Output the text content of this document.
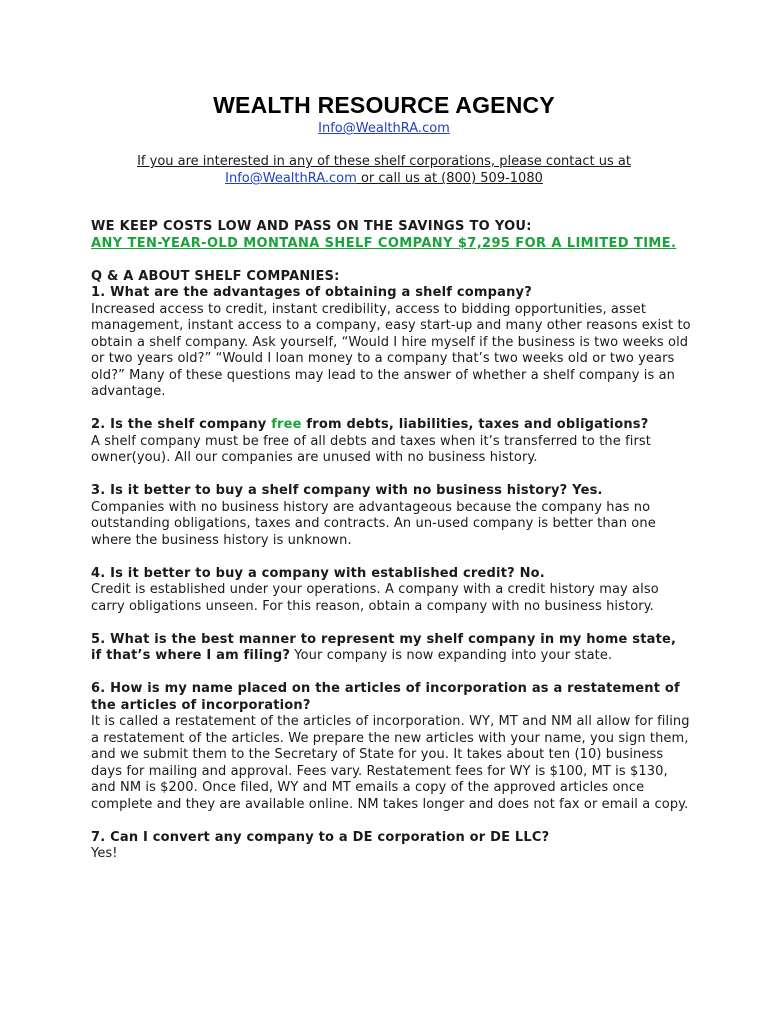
WEALTH RESOURCE AGENCY
Info@WealthRA.com
If you are interested in any of these shelf corporations, please contact us at
Info@WealthRA.com or call us at (800) 509-1080

WE KEEP COSTS LOW AND PASS ON THE SAVINGS TO YOU:

ANY TEN-YEAR-OLD MONTANA SHELF COMPANY $7,295 FOR A LIMITED TIME.

Q & A ABOUT SHELF COMPANIES:

1. What are the advantages of obtaining a shelf company?

Increased access to credit, instant credibility, access to bidding opportunities, asset management, instant access to a company, easy start-up and many other reasons exist to obtain a shelf company. Ask yourself, “Would I hire myself if the business is two weeks old or two years old?” “Would I loan money to a company that’s two weeks old or two years old?” Many of these questions may lead to the answer of whether a shelf company is an advantage.

2. Is the shelf company free from debts, liabilities, taxes and obligations?

A shelf company must be free of all debts and taxes when it’s transferred to the first owner(you). All our companies are unused with no business history.

3. Is it better to buy a shelf company with no business history? Yes.

Companies with no business history are advantageous because the company has no outstanding obligations, taxes and contracts. An un-used company is better than one where the business history is unknown.

4. Is it better to buy a company with established credit? No.

Credit is established under your operations. A company with a credit history may also carry obligations unseen. For this reason, obtain a company with no business history.

5. What is the best manner to represent my shelf company in my home state, if that’s where I am filing? Your company is now expanding into your state.

6. How is my name placed on the articles of incorporation as a restatement of the articles of incorporation?

It is called a restatement of the articles of incorporation. WY, MT and NM all allow for filing a restatement of the articles. We prepare the new articles with your name, you sign them, and we submit them to the Secretary of State for you. It takes about ten (10) business days for mailing and approval. Fees vary. Restatement fees for WY is $100, MT is $130, and NM is $200. Once filed, WY and MT emails a copy of the approved articles once complete and they are available online. NM takes longer and does not fax or email a copy.

7. Can I convert any company to a DE corporation or DE LLC?

Yes!
